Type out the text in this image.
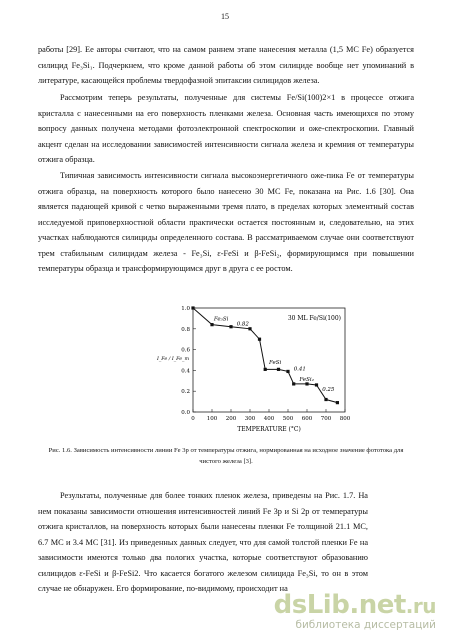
15

работы [29]. Ее авторы считают, что на самом раннем этапе нанесения металла (1,5 МС Fe) образуется силицид Fe₃Si₁. Подчеркнем, что кроме данной работы об этом силициде вообще нет упоминаний в литературе, касающейся проблемы твердофазной эпитаксии силицидов железа.

Рассмотрим теперь результаты, полученные для системы Fe/Si(100)2×1 в процессе отжига кристалла с нанесенными на его поверхность пленками железа. Основная часть имеющихся по этому вопросу данных получена методами фотоэлектронной спектроскопии и оже-спектроскопии. Главный акцент сделан на исследовании зависимостей интенсивности сигнала железа и кремния от температуры отжига образца.

Типичная зависимость интенсивности сигнала высокоэнергетичного оже-пика Fe от температуры отжига образца, на поверхность которого было нанесено 30 МС Fe, показана на Рис. 1.6 [30]. Она является падающей кривой с четко выраженными тремя плато, в пределах которых элементный состав исследуемой приповерхностной области практически остается постоянным и, следовательно, на этих участках наблюдаются силициды определенного состава. В рассматриваемом случае они соответствуют трем стабильным силицидам железа - Fe₃Si, ε-FeSi и β-FeSi₂, формирующимся при повышении температуры образца и трансформирующимся друг в друга с ее ростом.

0 100 200 300 400 500 600 700 800
0.0
0.2
0.4
0.6
0.8
1.0
TEMPERATURE (°C)
I_Fe / I_Fe_m
30 ML Fe/Si(100)
Fe₃Si
0.82
FeSi
0.41
FeSi₂
0.25

Рис. 1.6. Зависимость интенсивности линии Fe 3p от температуры отжига, нормированная на исходное значение фототока для чистого железа [3].

Результаты, полученные для более тонких пленок железа, приведены на Рис. 1.7. На нем показаны зависимости отношения интенсивностей линий Fe 3p и Si 2p от температуры отжига кристаллов, на поверхность которых были нанесены пленки Fe толщиной 21.1 МС, 6.7 МС и 3.4 МС [31]. Из приведенных данных следует, что для самой толстой пленки Fe на зависимости имеются только два пологих участка, которые соответствуют образованию силицидов ε-FeSi и β-FeSi2. Что касается богатого железом силицида Fe₃Si, то он в этом случае не обнаружен. Его формирование, по-видимому, происходит на

dsLib.net.ru
библиотека диссертаций
